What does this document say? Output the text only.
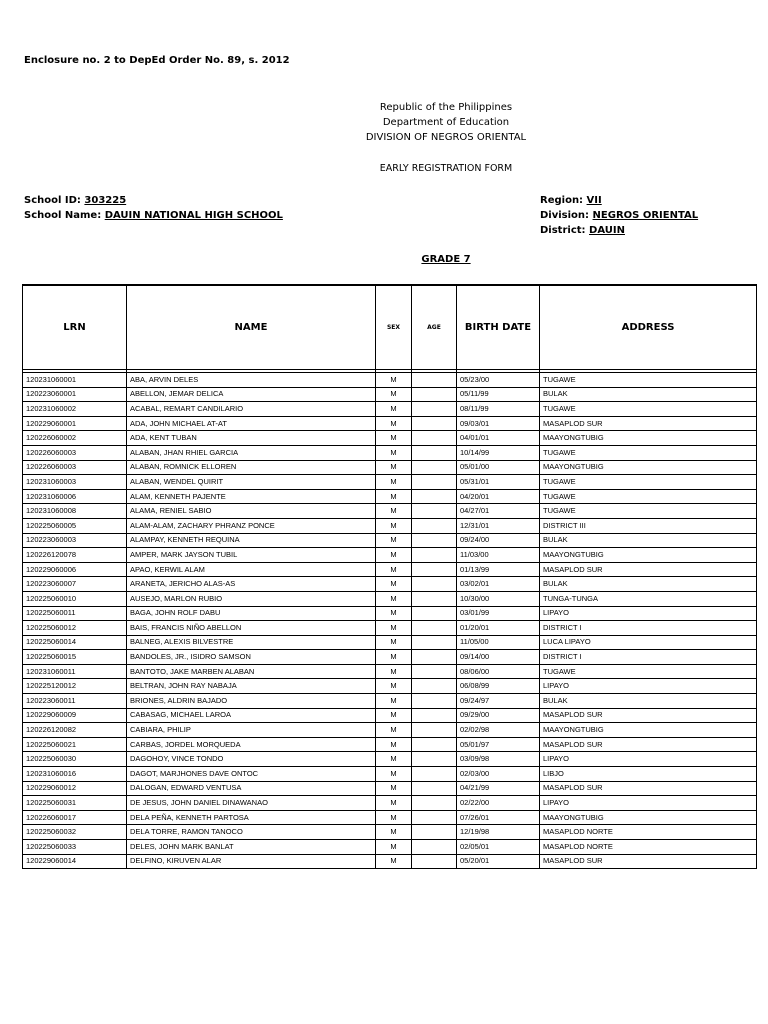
Enclosure no. 2 to DepEd Order No. 89, s. 2012
Republic of the Philippines
Department of Education
DIVISION OF NEGROS ORIENTAL
EARLY REGISTRATION FORM
School ID: 303225
School Name: DAUIN NATIONAL HIGH SCHOOL
Region: VII
Division: NEGROS ORIENTAL
District: DAUIN
GRADE 7
LRN	NAME	SEX	AGE	BIRTH DATE	ADDRESS

120231060001	ABA, ARVIN DELES	M		05/23/00	TUGAWE
120223060001	ABELLON, JEMAR DELICA	M		05/11/99	BULAK
120231060002	ACABAL, REMART CANDILARIO	M		08/11/99	TUGAWE
120229060001	ADA, JOHN MICHAEL AT-AT	M		09/03/01	MASAPLOD SUR
120226060002	ADA, KENT TUBAN	M		04/01/01	MAAYONGTUBIG
120226060003	ALABAN, JHAN RHIEL GARCIA	M		10/14/99	TUGAWE
120226060003	ALABAN, ROMNICK ELLOREN	M		05/01/00	MAAYONGTUBIG
120231060003	ALABAN, WENDEL QUIRIT	M		05/31/01	TUGAWE
120231060006	ALAM, KENNETH PAJENTE	M		04/20/01	TUGAWE
120231060008	ALAMA, RENIEL SABIO	M		04/27/01	TUGAWE
120225060005	ALAM-ALAM, ZACHARY PHRANZ PONCE	M		12/31/01	DISTRICT III
120223060003	ALAMPAY, KENNETH REQUINA	M		09/24/00	BULAK
120226120078	AMPER, MARK JAYSON TUBIL	M		11/03/00	MAAYONGTUBIG
120229060006	APAO, KERWIL ALAM	M		01/13/99	MASAPLOD SUR
120223060007	ARANETA, JERICHO ALAS-AS	M		03/02/01	BULAK
120225060010	AUSEJO, MARLON RUBIO	M		10/30/00	TUNGA-TUNGA
120225060011	BAGA, JOHN ROLF DABU	M		03/01/99	LIPAYO
120225060012	BAIS, FRANCIS NIÑO ABELLON	M		01/20/01	DISTRICT I
120225060014	BALNEG, ALEXIS BILVESTRE	M		11/05/00	LUCA LIPAYO
120225060015	BANDOLES, JR., ISIDRO SAMSON	M		09/14/00	DISTRICT I
120231060011	BANTOTO, JAKE MARBEN ALABAN	M		08/06/00	TUGAWE
120225120012	BELTRAN, JOHN RAY NABAJA	M		06/08/99	LIPAYO
120223060011	BRIONES, ALDRIN BAJADO	M		09/24/97	BULAK
120229060009	CABASAG, MICHAEL LAROA	M		09/29/00	MASAPLOD SUR
120226120082	CABIARA, PHILIP	M		02/02/98	MAAYONGTUBIG
120225060021	CARBAS, JORDEL MORQUEDA	M		05/01/97	MASAPLOD SUR
120225060030	DAGOHOY, VINCE TONDO	M		03/09/98	LIPAYO
120231060016	DAGOT, MARJHONES DAVE ONTOC	M		02/03/00	LIBJO
120229060012	DALOGAN, EDWARD VENTUSA	M		04/21/99	MASAPLOD SUR
120225060031	DE JESUS, JOHN DANIEL DINAWANAO	M		02/22/00	LIPAYO
120226060017	DELA PEÑA, KENNETH PARTOSA	M		07/26/01	MAAYONGTUBIG
120225060032	DELA TORRE, RAMON TANOCO	M		12/19/98	MASAPLOD NORTE
120225060033	DELES, JOHN MARK BANLAT	M		02/05/01	MASAPLOD NORTE
120229060014	DELFINO, KIRUVEN ALAR	M		05/20/01	MASAPLOD SUR
